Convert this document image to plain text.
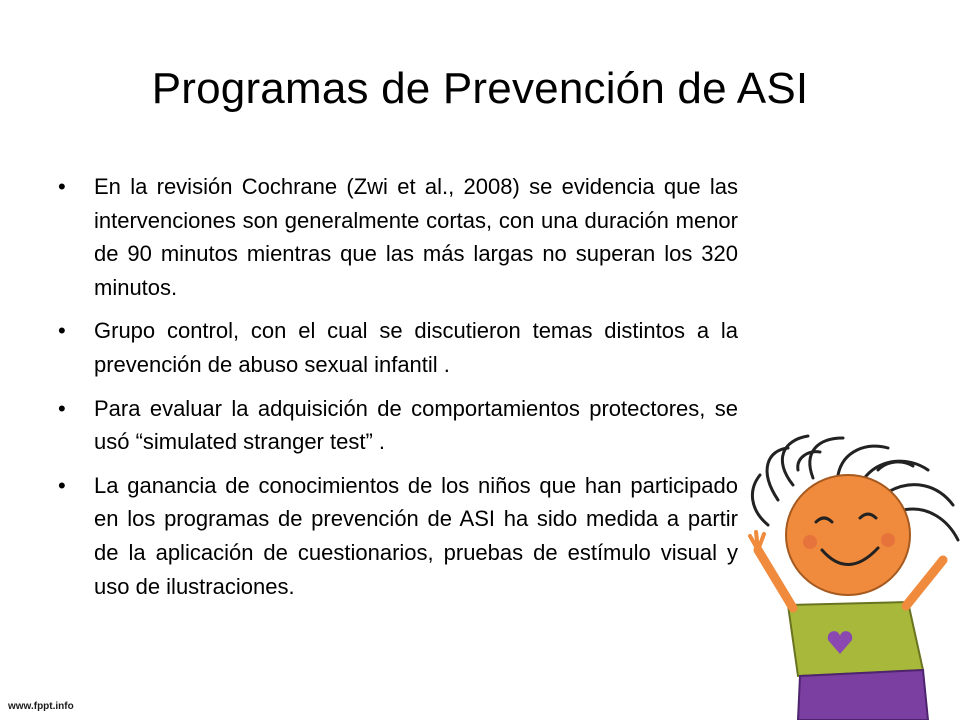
Programas de Prevención de ASI
•	En la revisión Cochrane (Zwi et al., 2008) se evidencia que las intervenciones son generalmente cortas, con una duración menor de 90 minutos mientras que las más largas no superan los 320 minutos.
•	Grupo control, con el cual se discutieron temas distintos a la prevención de abuso sexual infantil .
•	Para evaluar la adquisición de comportamientos protectores, se usó “simulated stranger test” .
•	La ganancia de conocimientos de los niños que han participado en los programas de prevención de ASI ha sido medida a partir de la aplicación de cuestionarios, pruebas de estímulo visual y uso de ilustraciones.
www.fppt.info
